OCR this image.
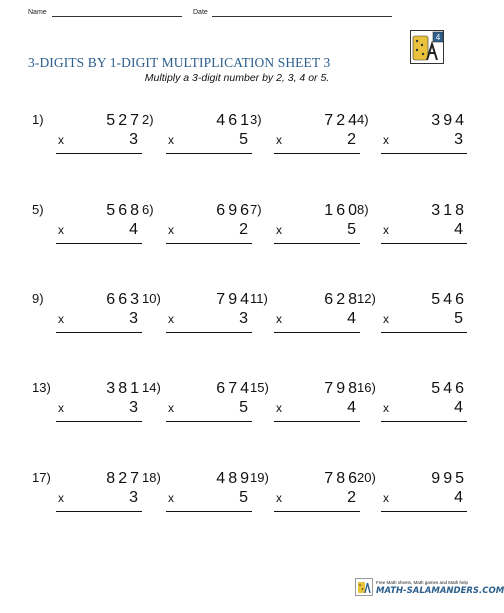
Name	Date
3-DIGITS BY 1-DIGIT MULTIPLICATION SHEET 3
Multiply a 3-digit number by 2, 3, 4 or 5.
4
1)	527
x	3
2)	461
x	5
3)	724
x	2
4)	394
x	3
5)	568
x	4
6)	696
x	2
7)	160
x	5
8)	318
x	4
9)	663
x	3
10)	794
x	3
11)	628
x	4
12)	546
x	5
13)	381
x	3
14)	674
x	5
15)	798
x	4
16)	546
x	4
17)	827
x	3
18)	489
x	5
19)	786
x	2
20)	995
x	4
Free Math sheets, Math games and Math help
MATH-SALAMANDERS.COM
